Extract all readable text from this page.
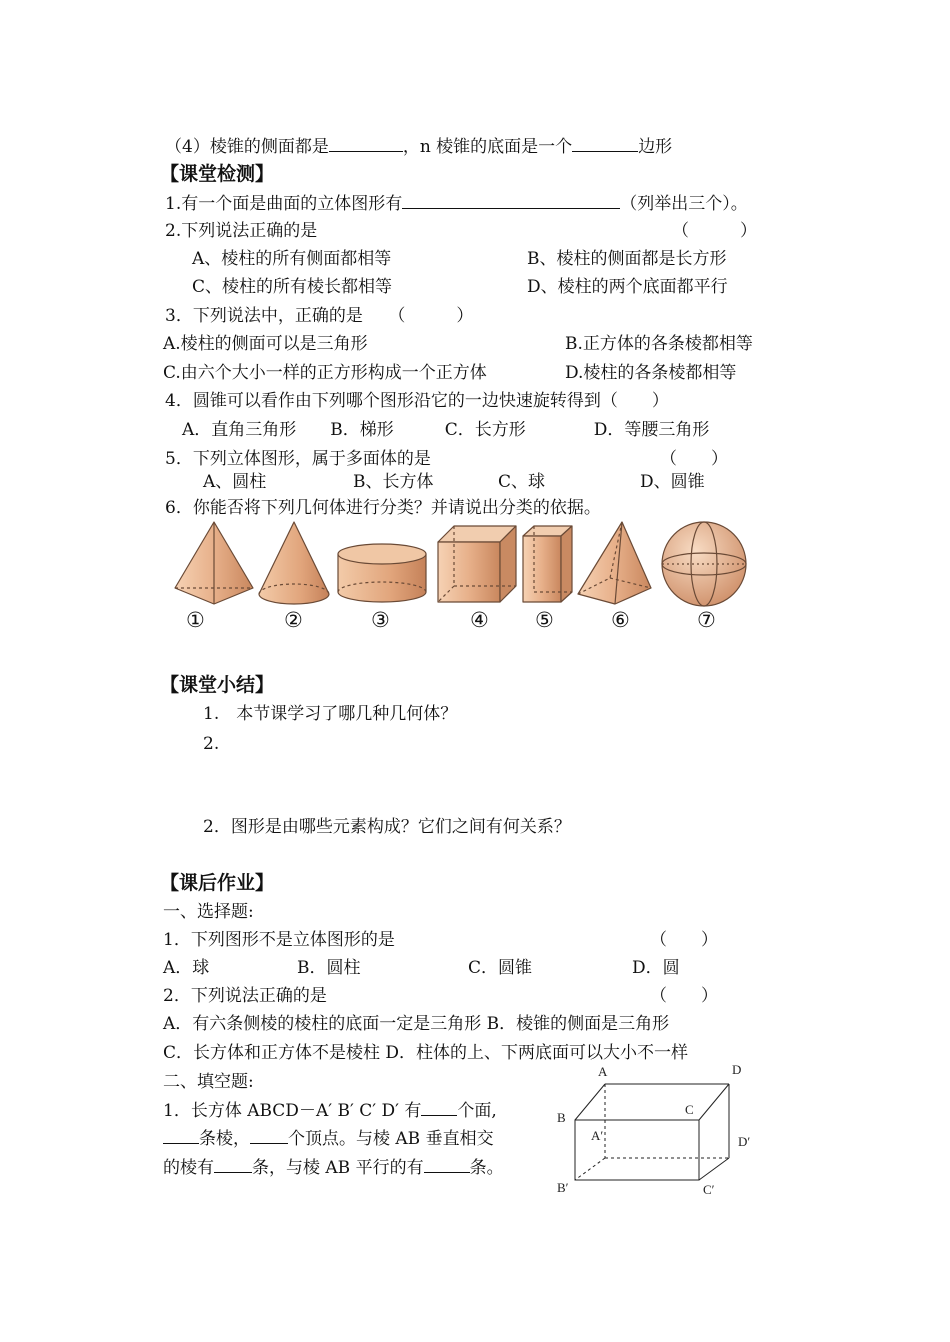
（4）棱锥的侧面都是	，n 棱锥的底面是一个	边形
【课堂检测】
1.有一个面是曲面的立体图形有	（列举出三个）。
2.下列说法正确的是	（　　　）
A、棱柱的所有侧面都相等	B、棱柱的侧面都是长方形
C、棱柱的所有棱长都相等	D、棱柱的两个底面都平行
3．下列说法中，正确的是　　（　　　）
A.棱柱的侧面可以是三角形	B.正方体的各条棱都相等
C.由六个大小一样的正方形构成一个正方体	D.棱柱的各条棱都相等
4．圆锥可以看作由下列哪个图形沿它的一边快速旋转得到（　　）
A．直角三角形　　B．梯形　　　C．长方形　　　　D．等腰三角形
5．下列立体图形，属于多面体的是	（　　）
A、圆柱	B、长方体	C、球	D、圆锥
6．你能否将下列几何体进行分类？并请说出分类的依据。
①	②	③	④ ⑤	⑥	⑦
【课堂小结】
1.　本节课学习了哪几种几何体？
2.
2．图形是由哪些元素构成？它们之间有何关系？
【课后作业】
一、选择题:
1．下列图形不是立体图形的是	（　　）
A．球	B．圆柱	C．圆锥	D．圆
2．下列说法正确的是	（　　）
A．有六条侧棱的棱柱的底面一定是三角形 B．棱锥的侧面是三角形
C．长方体和正方体不是棱柱 D．柱体的上、下两底面可以大小不一样
二、填空题:
1．长方体 ABCD－A′ B′ C′ D′ 有 个面,
条棱， 个顶点。与棱 AB 垂直相交
的棱有 条，与棱 AB 平行的有	条。
A	D
B
C
A′	D′
B′	C′
